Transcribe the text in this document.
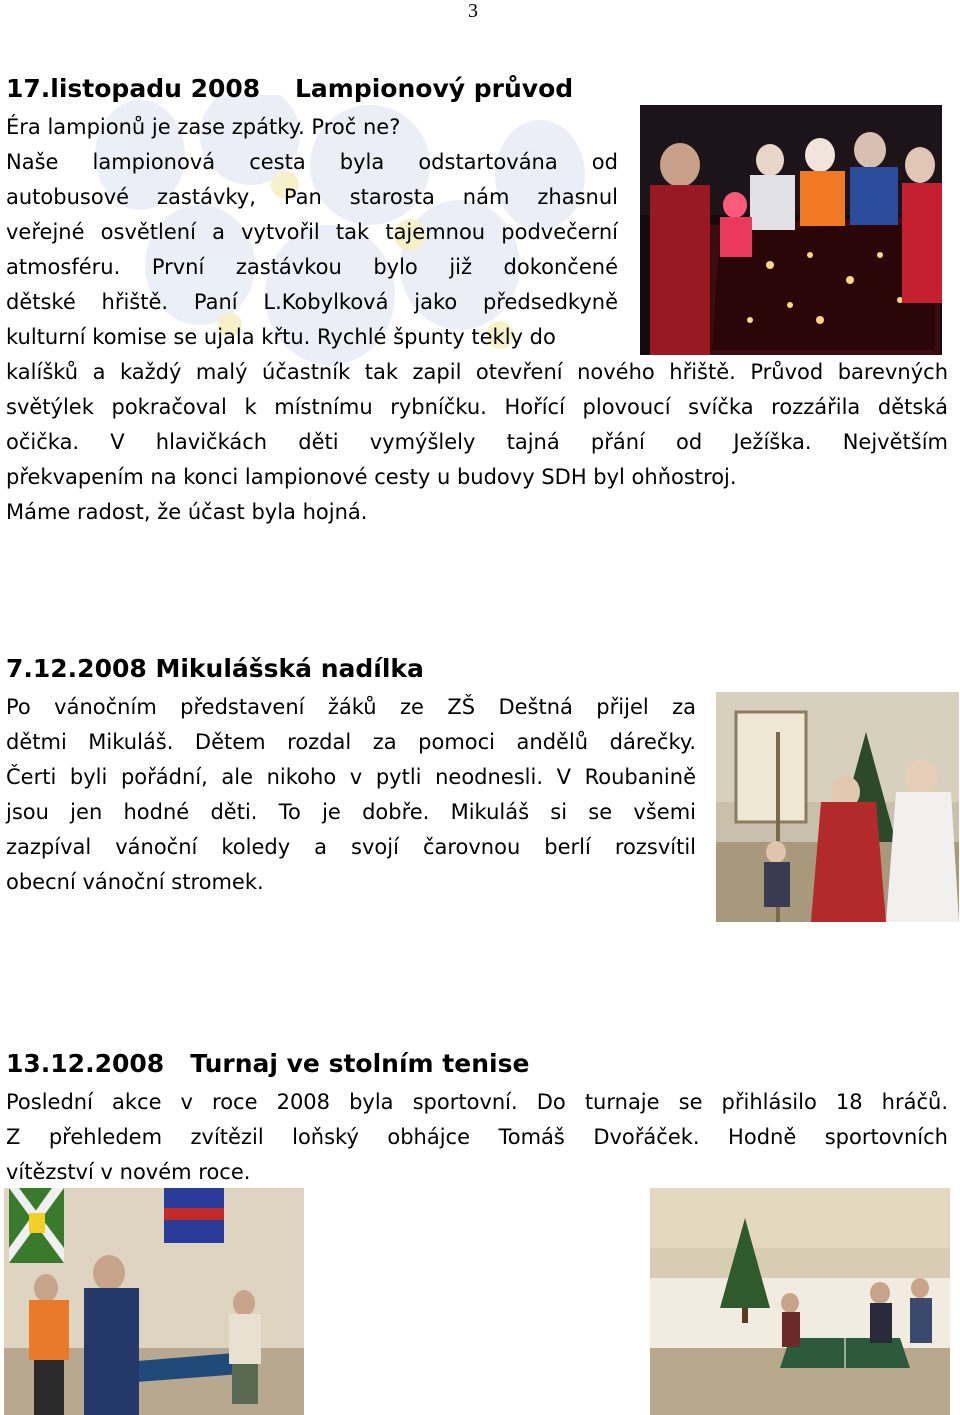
3
17.listopadu 2008    Lampionový průvod
Éra lampionů je zase zpátky. Proč ne?
Naše lampionová cesta byla odstartována od
autobusové zastávky, Pan starosta nám zhasnul
veřejné osvětlení a vytvořil tak tajemnou podvečerní
atmosféru. První zastávkou bylo již dokončené
dětské hřiště. Paní L.Kobylková jako předsedkyně
kulturní komise se ujala křtu. Rychlé špunty tekly do
kalíšků a každý malý účastník tak zapil otevření nového hřiště. Průvod barevných
světýlek pokračoval k místnímu rybníčku. Hořící plovoucí svíčka rozzářila dětská
očička. V hlavičkách děti vymýšlely tajná přání od Ježíška. Největším
překvapením na konci lampionové cesty u budovy SDH byl ohňostroj.
Máme radost, že účast byla hojná.
7.12.2008 Mikulášská nadílka
Po vánočním představení žáků ze ZŠ Deštná přijel za
dětmi Mikuláš. Dětem rozdal za pomoci andělů dárečky.
Čerti byli pořádní, ale nikoho v pytli neodnesli. V Roubanině
jsou jen hodné děti. To je dobře. Mikuláš si se všemi
zazpíval vánoční koledy a svojí čarovnou berlí rozsvítil
obecní vánoční stromek.
13.12.2008   Turnaj ve stolním tenise
Poslední akce v roce 2008 byla sportovní. Do turnaje se přihlásilo 18 hráčů.
Z přehledem zvítězil loňský obhájce Tomáš Dvořáček. Hodně sportovních
vítězství v novém roce.
